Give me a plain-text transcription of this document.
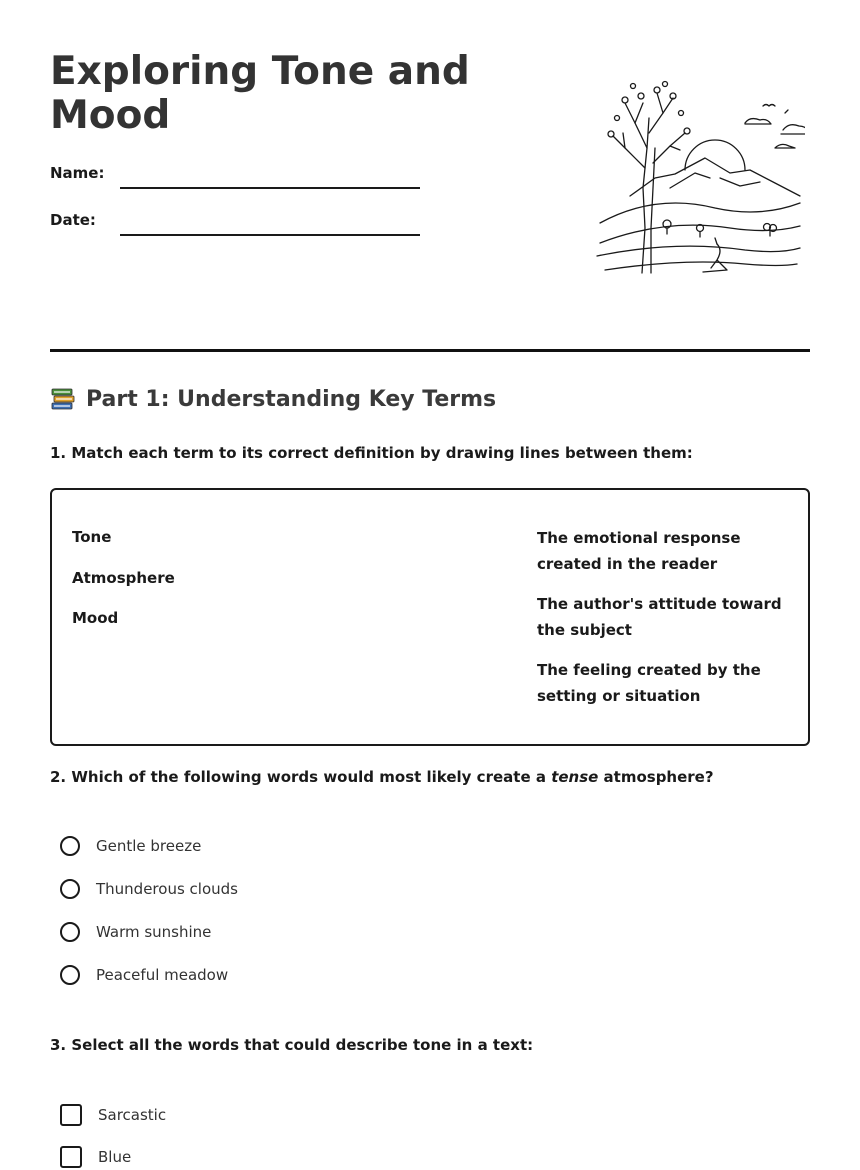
Exploring Tone and Mood
Name:
Date:
Part 1: Understanding Key Terms
1. Match each term to its correct definition by drawing lines between them:
Tone
Atmosphere
Mood
The emotional response created in the reader
The author's attitude toward the subject
The feeling created by the setting or situation
2. Which of the following words would most likely create a tense atmosphere?
Gentle breeze
Thunderous clouds
Warm sunshine
Peaceful meadow
3. Select all the words that could describe tone in a text:
Sarcastic
Blue
